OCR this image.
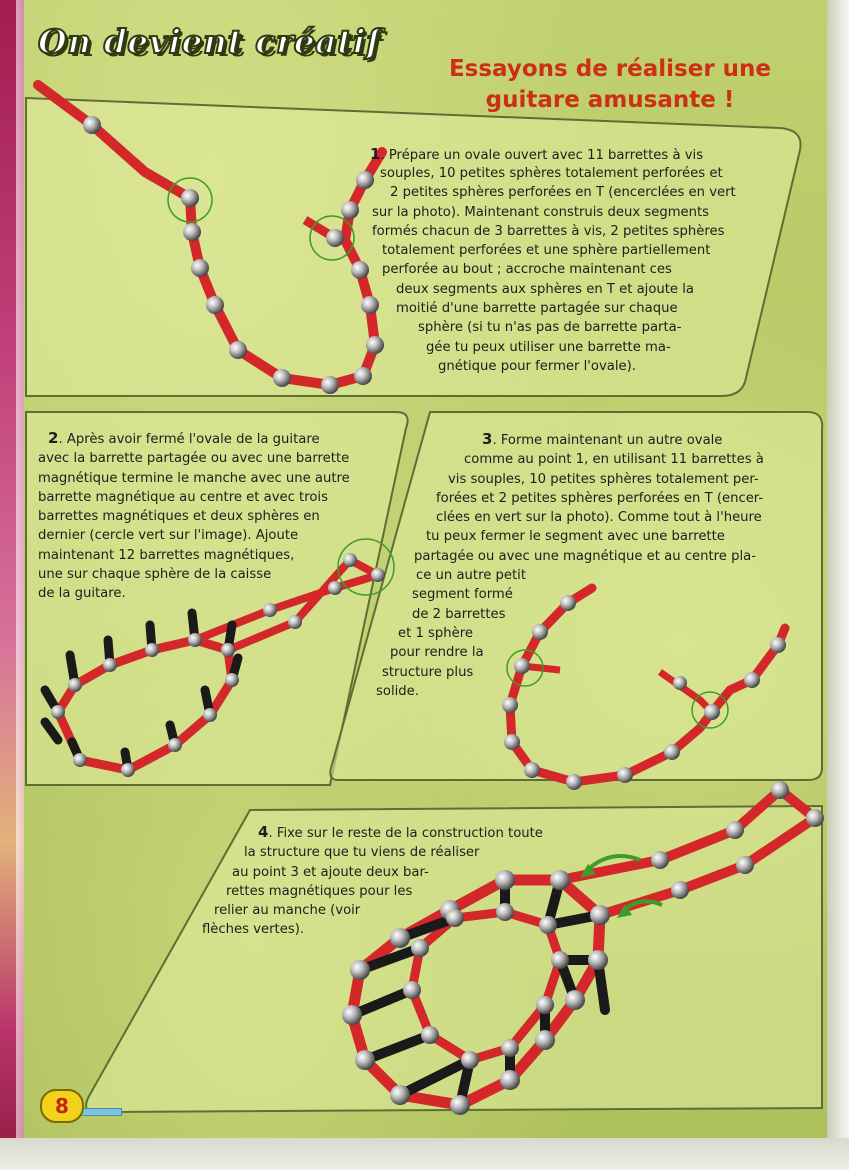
On devient créatif
Essayons de réaliser une
guitare amusante !
1. Prépare un ovale ouvert avec 11 barrettes à vis
souples, 10 petites sphères totalement perforées et
2 petites sphères perforées en T (encerclées en vert
sur la photo). Maintenant construis deux segments
formés chacun de 3 barrettes à vis, 2 petites sphères
totalement perforées et une sphère partiellement
perforée au bout ; accroche maintenant ces
deux segments aux sphères en T et ajoute la
moitié d'une barrette partagée sur chaque
sphère (si tu n'as pas de barrette parta-
gée tu peux utiliser une barrette ma-
gnétique pour fermer l'ovale).
2. Après avoir fermé l'ovale de la guitare
avec la barrette partagée ou avec une barrette
magnétique termine le manche avec une autre
barrette magnétique au centre et avec trois
barrettes magnétiques et deux sphères en
dernier (cercle vert sur l'image). Ajoute
maintenant 12 barrettes magnétiques,
une sur chaque sphère de la caisse
de la guitare.
3. Forme maintenant un autre ovale
comme au point 1, en utilisant 11 barrettes à
vis souples, 10 petites sphères totalement per-
forées et 2 petites sphères perforées en T (encer-
clées en vert sur la photo). Comme tout à l'heure
tu peux fermer le segment avec une barrette
partagée ou avec une magnétique et au centre pla-
ce un autre petit
segment formé
de 2 barrettes
et 1 sphère
pour rendre la
structure plus
solide.
4. Fixe sur le reste de la construction toute
la structure que tu viens de réaliser
au point 3 et ajoute deux bar-
rettes magnétiques pour les
relier au manche (voir
flèches vertes).
8
